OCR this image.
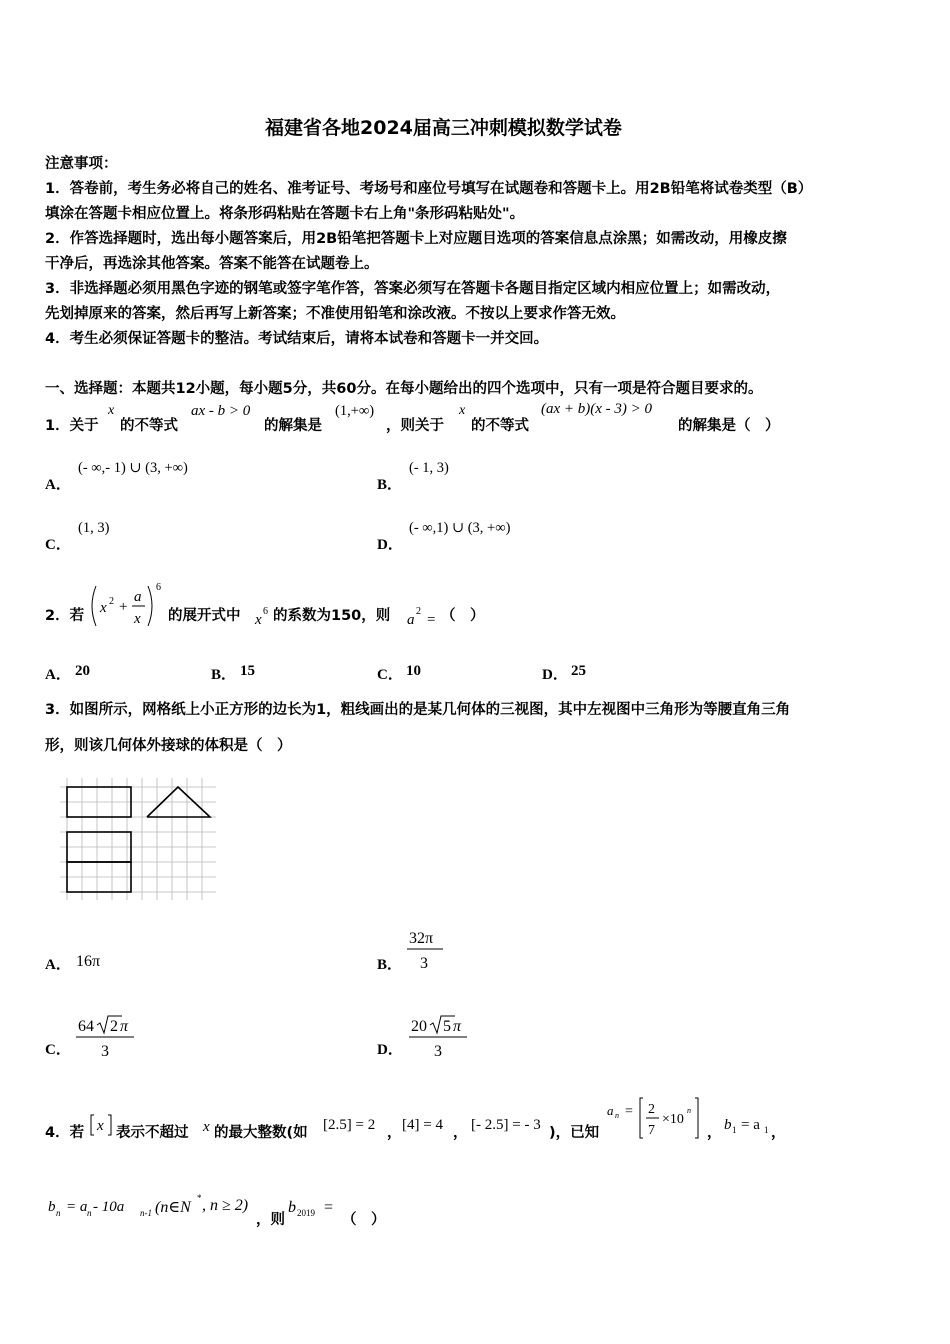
福建省各地2024届高三冲刺模拟数学试卷
注意事项：
1．答卷前，考生务必将自己的姓名、准考证号、考场号和座位号填写在试题卷和答题卡上。用2B铅笔将试卷类型（B）
填涂在答题卡相应位置上。将条形码粘贴在答题卡右上角"条形码粘贴处"。
2．作答选择题时，选出每小题答案后，用2B铅笔把答题卡上对应题目选项的答案信息点涂黑；如需改动，用橡皮擦
干净后，再选涂其他答案。答案不能答在试题卷上。
3．非选择题必须用黑色字迹的钢笔或签字笔作答，答案必须写在答题卡各题目指定区域内相应位置上；如需改动，
先划掉原来的答案，然后再写上新答案；不准使用铅笔和涂改液。不按以上要求作答无效。
4．考生必须保证答题卡的整洁。考试结束后，请将本试卷和答题卡一并交回。
一、选择题：本题共12小题，每小题5分，共60分。在每小题给出的四个选项中，只有一项是符合题目要求的。
1．关于
x
的不等式
ax - b > 0
的解集是
(1,+∞)
，则关于
x
的不等式
(ax + b)(x - 3) > 0
的解集是（　）
A．
(- ∞,- 1) ∪ (3, +∞)
B．
(- 1, 3)
C．
(1, 3)
D．
(- ∞,1) ∪ (3, +∞)
2．若 x 2 +
a
x
6
的展开式中 x
6 的系数为150，则 a
2
= （　）
A． 20	B． 15	C． 10	D． 25
3．如图所示，网格纸上小正方形的边长为1，粗线画出的是某几何体的三视图，其中左视图中三角形为等腰直角三角
形，则该几何体外接球的体积是（　）
A． 16π	B．
32π
3
C．
64 2 π
3	D．
20 5 π
3
4．若 x 表示不超过 x 的最大整数(如 [2.5] = 2 ， [4] = 4 ， [- 2.5] = - 3 )，已知
a n = 2
7
×10
n
， b 1 = a 1 ，
b n = a n - 10a n-1 (n∈N
* , n ≥ 2)
，则
b 2019 =
（　）
